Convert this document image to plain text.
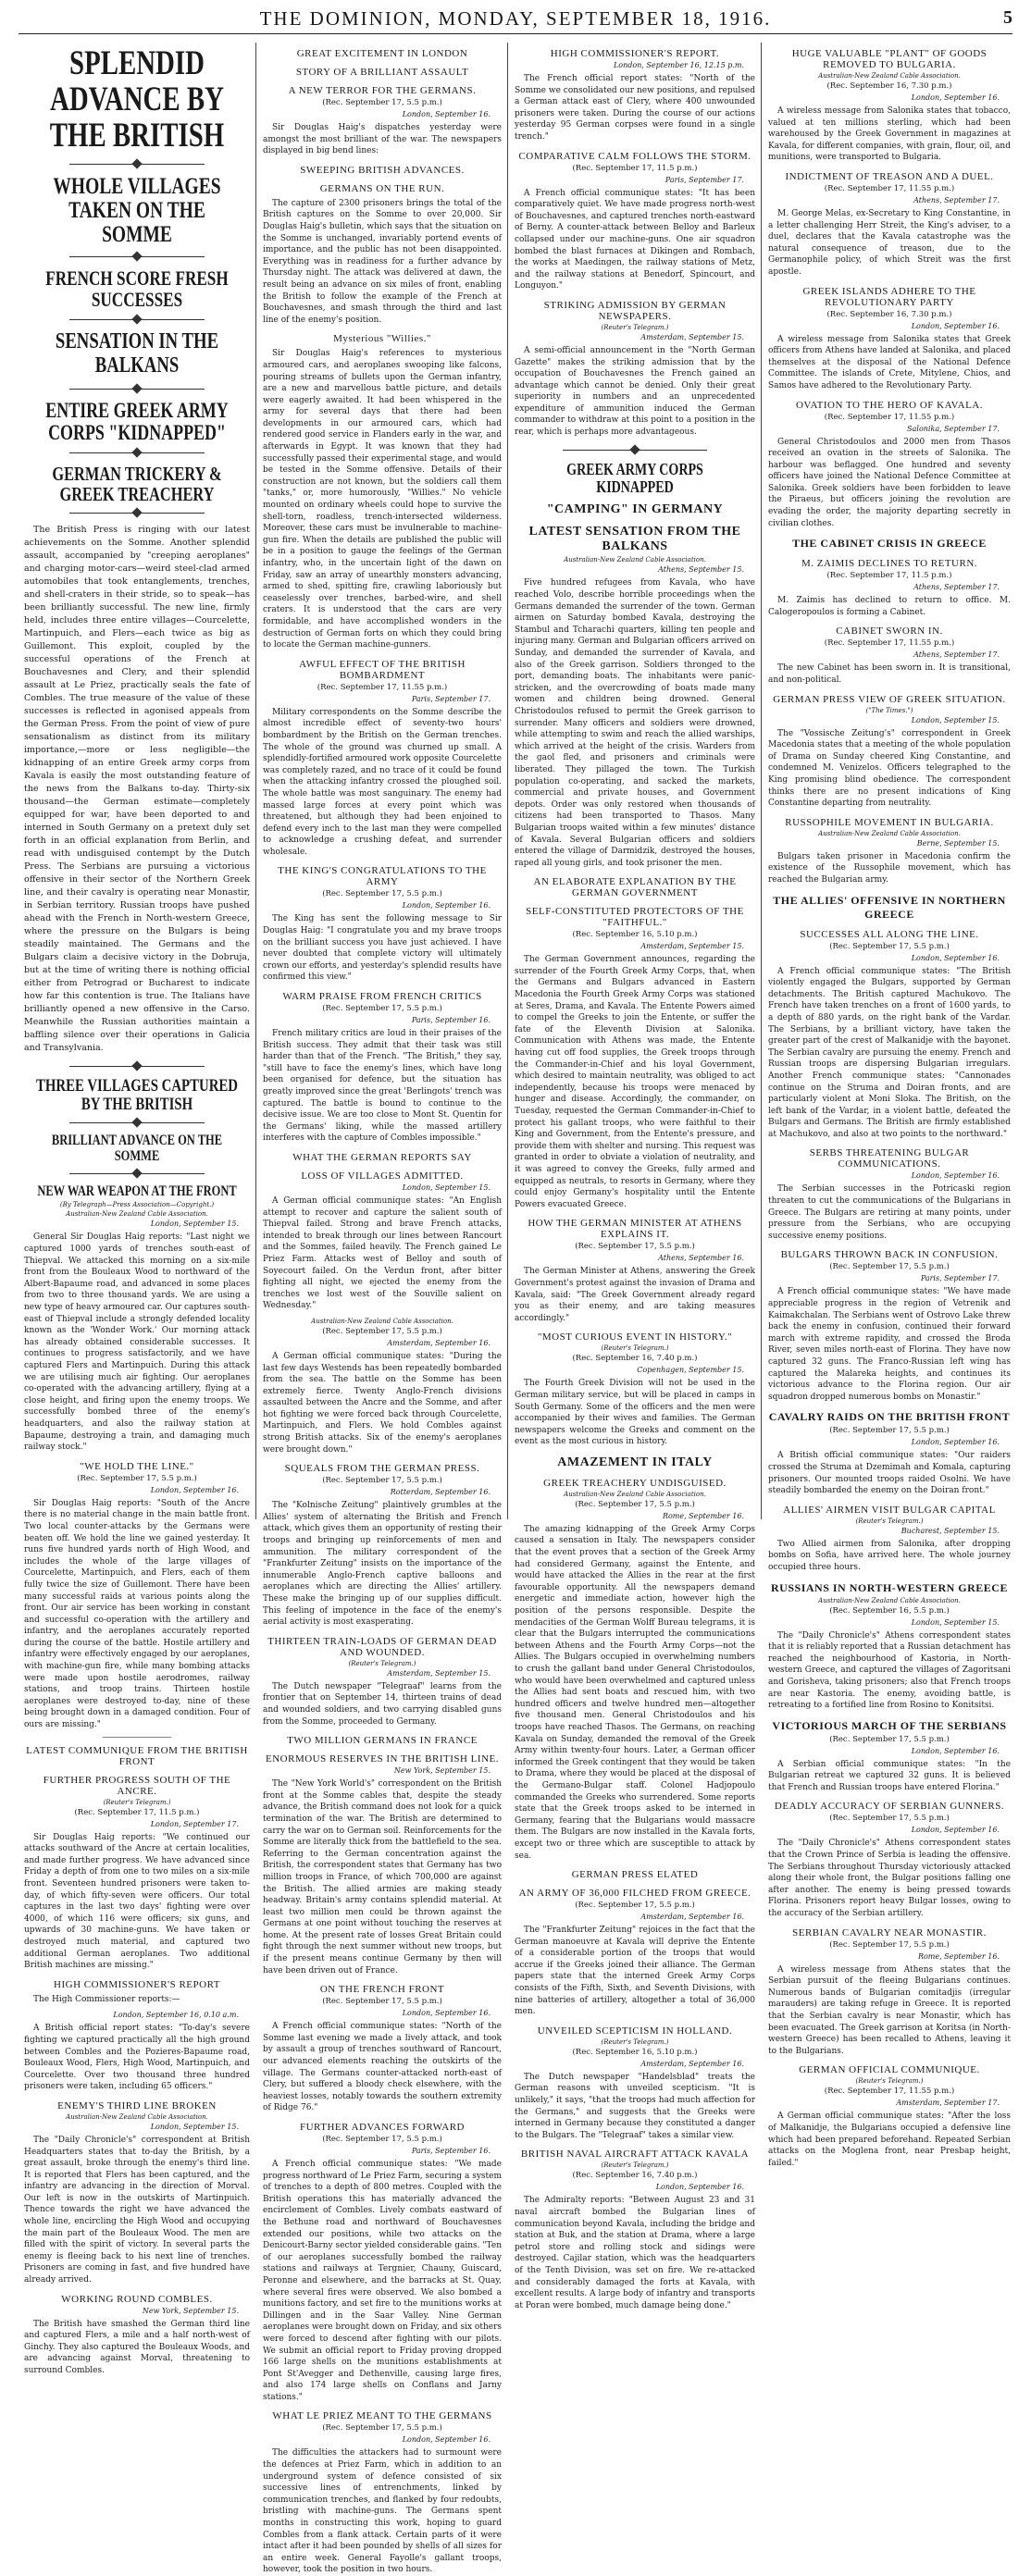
THE DOMINION, MONDAY, SEPTEMBER 18, 1916.	5
SPLENDID ADVANCE BY THE BRITISH
WHOLE VILLAGES TAKEN ON THE SOMME
FRENCH SCORE FRESH SUCCESSES
SENSATION IN THE BALKANS
ENTIRE GREEK ARMY CORPS "KIDNAPPED"
GERMAN TRICKERY & GREEK TREACHERY
The British Press is ringing with our latest achievements on the Somme. Another splendid assault, accompanied by "creeping aeroplanes" and charging motor-cars—weird steel-clad armed automobiles that took entanglements, trenches, and shell-craters in their stride, so to speak—has been brilliantly successful. The new line, firmly held, includes three entire villages—Courcelette, Martinpuich, and Flers—each twice as big as Guillemont. This exploit, coupled by the successful operations of the French at Bouchavesnes and Clery, and their splendid assault at Le Priez, practically seals the fate of Combles. The true measure of the value of these successes is reflected in agonised appeals from the German Press. From the point of view of pure sensationalism as distinct from its military importance,—more or less negligible—the kidnapping of an entire Greek army corps from Kavala is easily the most outstanding feature of the news from the Balkans to-day. Thirty-six thousand—the German estimate—completely equipped for war, have been deported to and interned in South Germany on a pretext duly set forth in an official explanation from Berlin, and read with undisguised contempt by the Dutch Press. The Serbians are pursuing a victorious offensive in their sector of the Northern Greek line, and their cavalry is operating near Monastir, in Serbian territory. Russian troops have pushed ahead with the French in North-western Greece, where the pressure on the Bulgars is being steadily maintained. The Germans and the Bulgars claim a decisive victory in the Dobruja, but at the time of writing there is nothing official either from Petrograd or Bucharest to indicate how far this contention is true. The Italians have brilliantly opened a new offensive in the Carso. Meanwhile the Russian authorities maintain a baffling silence over their operations in Galicia and Transylvania.
THREE VILLAGES CAPTURED BY THE BRITISH
BRILLIANT ADVANCE ON THE SOMME
NEW WAR WEAPON AT THE FRONT
(By Telegraph—Press Association—Copyright.)
Australian-New Zealand Cable Association.
London, September 15.
General Sir Douglas Haig reports: "Last night we captured 1000 yards of trenches south-east of Thiepval. We attacked this morning on a six-mile front from the Bouleaux Wood to northward of the Albert-Bapaume road, and advanced in some places from two to three thousand yards. We are using a new type of heavy armoured car. Our captures south-east of Thiepval include a strongly defended locality known as the 'Wonder Work.' Our morning attack has already obtained considerable successes. It continues to progress satisfactorily, and we have captured Flers and Martinpuich. During this attack we are utilising much air fighting. Our aeroplanes co-operated with the advancing artillery, flying at a close height, and firing upon the enemy troops. We successfully bombed three of the enemy's headquarters, and also the railway station at Bapaume, destroying a train, and damaging much railway stock."
"WE HOLD THE LINE."
(Rec. September 17, 5.5 p.m.)
London, September 16.
Sir Douglas Haig reports: "South of the Ancre there is no material change in the main battle front. Two local counter-attacks by the Germans were beaten off. We hold the line we gained yesterday. It runs five hundred yards north of High Wood, and includes the whole of the large villages of Courcelette, Martinpuich, and Flers, each of them fully twice the size of Guillemont. There have been many successful raids at various points along the front. Our air service has been working in constant and successful co-operation with the artillery and infantry, and the aeroplanes accurately reported during the course of the battle. Hostile artillery and infantry were effectively engaged by our aeroplanes, with machine-gun fire, while many bombing attacks were made upon hostile aerodromes, railway stations, and troop trains. Thirteen hostile aeroplanes were destroyed to-day, nine of these being brought down in a damaged condition. Four of ours are missing."
LATEST COMMUNIQUE FROM THE BRITISH FRONT
FURTHER PROGRESS SOUTH OF THE ANCRE.
(Reuter's Telegram.)
(Rec. September 17, 11.5 p.m.)
London, September 17.
Sir Douglas Haig reports: "We continued our attacks southward of the Ancre at certain localities, and made further progress. We have advanced since Friday a depth of from one to two miles on a six-mile front. Seventeen hundred prisoners were taken to-day, of which fifty-seven were officers. Our total captures in the last two days' fighting were over 4000, of which 116 were officers; six guns, and upwards of 30 machine-guns. We have taken or destroyed much material, and captured two additional German aeroplanes. Two additional British machines are missing."
HIGH COMMISSIONER'S REPORT
The High Commissioner reports:—
London, September 16, 0.10 a.m.
A British official report states: "To-day's severe fighting we captured practically all the high ground between Combles and the Pozieres-Bapaume road, Bouleaux Wood, Flers, High Wood, Martinpuich, and Courcelette. Over two thousand three hundred prisoners were taken, including 65 officers."
ENEMY'S THIRD LINE BROKEN
Australian-New Zealand Cable Association.
London, September 15.
The "Daily Chronicle's" correspondent at British Headquarters states that to-day the British, by a great assault, broke through the enemy's third line. It is reported that Flers has been captured, and the infantry are advancing in the direction of Morval. Our left is now in the outskirts of Martinpuich. Thence towards the right we have advanced the whole line, encircling the High Wood and occupying the main part of the Bouleaux Wood. The men are filled with the spirit of victory. In several parts the enemy is fleeing back to his next line of trenches. Prisoners are coming in fast, and five hundred have already arrived.
WORKING ROUND COMBLES.
New York, September 15.
The British have smashed the German third line and captured Flers, a mile and a half north-west of Ginchy. They also captured the Bouleaux Woods, and are advancing against Morval, threatening to surround Combles.
GREAT EXCITEMENT IN LONDON
STORY OF A BRILLIANT ASSAULT
A NEW TERROR FOR THE GERMANS.
(Rec. September 17, 5.5 p.m.)
London, September 16.
Sir Douglas Haig's dispatches yesterday were amongst the most brilliant of the war. The newspapers displayed in big bend lines:
SWEEPING BRITISH ADVANCES.
GERMANS ON THE RUN.
The capture of 2300 prisoners brings the total of the British captures on the Somme to over 20,000. Sir Douglas Haig's bulletin, which says that the situation on the Somme is unchanged, invariably portend events of importance, and the public has not been disappointed. Everything was in readiness for a further advance by Thursday night. The attack was delivered at dawn, the result being an advance on six miles of front, enabling the British to follow the example of the French at Bouchavesnes, and smash through the third and last line of the enemy's position.
Mysterious "Willies."
Sir Douglas Haig's references to mysterious armoured cars, and aeroplanes swooping like falcons, pouring streams of bullets upon the German infantry, are a new and marvellous battle picture, and details were eagerly awaited. It had been whispered in the army for several days that there had been developments in our armoured cars, which had rendered good service in Flanders early in the war, and afterwards in Egypt. It was known that they had successfully passed their experimental stage, and would be tested in the Somme offensive. Details of their construction are not known, but the soldiers call them "tanks," or, more humorously, "Willies." No vehicle mounted on ordinary wheels could hope to survive the shell-torn, roadless, trench-intersected wilderness. Moreover, these cars must be invulnerable to machine-gun fire. When the details are published the public will be in a position to gauge the feelings of the German infantry, who, in the uncertain light of the dawn on Friday, saw an array of unearthly monsters advancing, armed to shed, spitting fire, crawling laboriously but ceaselessly over trenches, barbed-wire, and shell craters. It is understood that the cars are very formidable, and have accomplished wonders in the destruction of German forts on which they could bring to locate the German machine-gunners.
AWFUL EFFECT OF THE BRITISH BOMBARDMENT
(Rec. September 17, 11.55 p.m.)
Paris, September 17.
Military correspondents on the Somme describe the almost incredible effect of seventy-two hours' bombardment by the British on the German trenches. The whole of the ground was churned up small. A splendidly-fortified armoured work opposite Courcelette was completely razed, and no trace of it could be found when the attacking infantry crossed the ploughed soil. The whole battle was most sanguinary. The enemy had massed large forces at every point which was threatened, but although they had been enjoined to defend every inch to the last man they were compelled to acknowledge a crushing defeat, and surrender wholesale.
THE KING'S CONGRATULATIONS TO THE ARMY
(Rec. September 17, 5.5 p.m.)
London, September 16.
The King has sent the following message to Sir Douglas Haig: "I congratulate you and my brave troops on the brilliant success you have just achieved. I have never doubted that complete victory will ultimately crown our efforts, and yesterday's splendid results have confirmed this view."
WARM PRAISE FROM FRENCH CRITICS
(Rec. September 17, 5.5 p.m.)
Paris, September 16.
French military critics are loud in their praises of the British success. They admit that their task was still harder than that of the French. "The British," they say, "still have to face the enemy's lines, which have long been organised for defence, but the situation has greatly improved since the great 'Berlingots' trench was captured. The battle is bound to continue to the decisive issue. We are too close to Mont St. Quentin for the Germans' liking, while the massed artillery interferes with the capture of Combles impossible."
WHAT THE GERMAN REPORTS SAY
LOSS OF VILLAGES ADMITTED.
London, September 15.
A German official communique states: "An English attempt to recover and capture the salient south of Thiepval failed. Strong and brave French attacks, intended to break through our lines between Rancourt and the Sommes, failed heavily. The French gained Le Priez Farm. Attacks west of Belloy and south of Soyecourt failed. On the Verdun front, after bitter fighting all night, we ejected the enemy from the trenches we lost west of the Souville salient on Wednesday."
Australian-New Zealand Cable Association.
(Rec. September 17, 5.5 p.m.)
Amsterdam, September 16.
A German official communique states: "During the last few days Westends has been repeatedly bombarded from the sea. The battle on the Somme has been extremely fierce. Twenty Anglo-French divisions assaulted between the Ancre and the Somme, and after hot fighting we were forced back through Courcelette, Martinpuich, and Flers. We hold Combles against strong British attacks. Six of the enemy's aeroplanes were brought down."
SQUEALS FROM THE GERMAN PRESS.
(Rec. September 17, 5.5 p.m.)
Rotterdam, September 16.
The "Kolnische Zeitung" plaintively grumbles at the Allies' system of alternating the British and French attack, which gives them an opportunity of resting their troops and bringing up reinforcements of men and ammunition. The military correspondent of the "Frankfurter Zeitung" insists on the importance of the innumerable Anglo-French captive balloons and aeroplanes which are directing the Allies' artillery. These make the bringing up of our supplies difficult. This feeling of impotence in the face of the enemy's aerial activity is most exasperating.
THIRTEEN TRAIN-LOADS OF GERMAN DEAD AND WOUNDED.
(Reuter's Telegram.)
Amsterdam, September 15.
The Dutch newspaper "Telegraaf" learns from the frontier that on September 14, thirteen trains of dead and wounded soldiers, and two carrying disabled guns from the Somme, proceeded to Germany.
TWO MILLION GERMANS IN FRANCE
ENORMOUS RESERVES IN THE BRITISH LINE.
New York, September 15.
The "New York World's" correspondent on the British front at the Somme cables that, despite the steady advance, the British command does not look for a quick termination of the war. The British are determined to carry the war on to German soil. Reinforcements for the Somme are literally thick from the battlefield to the sea. Referring to the German concentration against the British, the correspondent states that Germany has two million troops in France, of which 700,000 are against the British. The allied armies are making steady headway. Britain's army contains splendid material. At least two million men could be thrown against the Germans at one point without touching the reserves at home. At the present rate of losses Great Britain could fight through the next summer without new troops, but if the present means continue Germany by then will have been driven out of France.
ON THE FRENCH FRONT
(Rec. September 17, 5.5 p.m.)
London, September 16.
A French official communique states: "North of the Somme last evening we made a lively attack, and took by assault a group of trenches southward of Rancourt, our advanced elements reaching the outskirts of the village. The Germans counter-attacked north-east of Clery, but suffered a bloody check elsewhere, with the heaviest losses, notably towards the southern extremity of Ridge 76."
FURTHER ADVANCES FORWARD
(Rec. September 17, 5.5 p.m.)
Paris, September 16.
A French official communique states: "We made progress northward of Le Priez Farm, securing a system of trenches to a depth of 800 metres. Coupled with the British operations this has materially advanced the encirclement of Combles. Lively combats eastward of the Bethune road and northward of Bouchavesnes extended our positions, while two attacks on the Denicourt-Barny sector yielded considerable gains. "Ten of our aeroplanes successfully bombed the railway stations and railways at Tergnier, Chauny, Guiscard, Peronne and elsewhere, and the barracks at St. Quay, where several fires were observed. We also bombed a munitions factory, and set fire to the munitions works at Dillingen and in the Saar Valley. Nine German aeroplanes were brought down on Friday, and six others were forced to descend after fighting with our pilots. We submit an official report to Friday proving dropped 166 large shells on the munitions establishments at Pont St'Avegger and Dethenville, causing large fires, and also 174 large shells on Conflans and Jarny stations."
WHAT LE PRIEZ MEANT TO THE GERMANS
(Rec. September 17, 5.5 p.m.)
London, September 16.
The difficulties the attackers had to surmount were the defences at Priez Farm, which in addition to an underground system of defence consisted of six successive lines of entrenchments, linked by communication trenches, and flanked by four redoubts, bristling with machine-guns. The Germans spent months in constructing this work, hoping to guard Combles from a flank attack. Certain parts of it were intact after it had been pounded by shells of all sizes for an entire week. General Fayolle's gallant troops, however, took the position in two hours.
HIGH COMMISSIONER'S REPORT.
London, September 16, 12.15 p.m.
The French official report states: "North of the Somme we consolidated our new positions, and repulsed a German attack east of Clery, where 400 unwounded prisoners were taken. During the course of our actions yesterday 95 German corpses were found in a single trench."
COMPARATIVE CALM FOLLOWS THE STORM.
(Rec. September 17, 11.5 p.m.)
Paris, September 17.
A French official communique states: "It has been comparatively quiet. We have made progress north-west of Bouchavesnes, and captured trenches north-eastward of Berny. A counter-attack between Belloy and Barleux collapsed under our machine-guns. One air squadron bombed the blast furnaces at Dikingen and Rombach, the works at Maedingen, the railway stations of Metz, and the railway stations at Benedorf, Spincourt, and Longuyon."
STRIKING ADMISSION BY GERMAN NEWSPAPERS.
(Reuter's Telegram.)
Amsterdam, September 15.
A semi-official announcement in the "North German Gazette" makes the striking admission that by the occupation of Bouchavesnes the French gained an advantage which cannot be denied. Only their great superiority in numbers and an unprecedented expenditure of ammunition induced the German commander to withdraw at this point to a position in the rear, which is perhaps more advantageous.
GREEK ARMY CORPS KIDNAPPED
"CAMPING" IN GERMANY
LATEST SENSATION FROM THE BALKANS
Australian-New Zealand Cable Association.
Athens, September 15.
Five hundred refugees from Kavala, who have reached Volo, describe horrible proceedings when the Germans demanded the surrender of the town. German airmen on Saturday bombed Kavala, destroying the Stambul and Tcharachi quarters, killing ten people and injuring many. German and Bulgarian officers arrived on Sunday, and demanded the surrender of Kavala, and also of the Greek garrison. Soldiers thronged to the port, demanding boats. The inhabitants were panic-stricken, and the overcrowding of boats made many women and children being drowned. General Christodoulos refused to permit the Greek garrison to surrender. Many officers and soldiers were drowned, while attempting to swim and reach the allied warships, which arrived at the height of the crisis. Warders from the gaol fled, and prisoners and criminals were liberated. They pillaged the town. The Turkish population co-operating, and sacked the markets, commercial and private houses, and Government depots. Order was only restored when thousands of citizens had been transported to Thasos. Many Bulgarian troops waited within a few minutes' distance of Kavala. Several Bulgarian officers and soldiers entered the village of Darmidzik, destroyed the houses, raped all young girls, and took prisoner the men.
AN ELABORATE EXPLANATION BY THE GERMAN GOVERNMENT
SELF-CONSTITUTED PROTECTORS OF THE "FAITHFUL."
(Rec. September 16, 5.10 p.m.)
Amsterdam, September 15.
The German Government announces, regarding the surrender of the Fourth Greek Army Corps, that, when the Germans and Bulgars advanced in Eastern Macedonia the Fourth Greek Army Corps was stationed at Seres, Drama, and Kavala. The Entente Powers aimed to compel the Greeks to join the Entente, or suffer the fate of the Eleventh Division at Salonika. Communication with Athens was made, the Entente having cut off food supplies, the Greek troops through the Commander-in-Chief and his loyal Government, which desired to maintain neutrality, was obliged to act independently, because his troops were menaced by hunger and disease. Accordingly, the commander, on Tuesday, requested the German Commander-in-Chief to protect his gallant troops, who were faithful to their King and Government, from the Entente's pressure, and provide them with shelter and nursing. This request was granted in order to obviate a violation of neutrality, and it was agreed to convey the Greeks, fully armed and equipped as neutrals, to resorts in Germany, where they could enjoy Germany's hospitality until the Entente Powers evacuated Greece.
HOW THE GERMAN MINISTER AT ATHENS EXPLAINS IT.
(Rec. September 17, 5.5 p.m.)
Athens, September 16.
The German Minister at Athens, answering the Greek Government's protest against the invasion of Drama and Kavala, said: "The Greek Government already regard you as their enemy, and are taking measures accordingly."
"MOST CURIOUS EVENT IN HISTORY."
(Reuter's Telegram.)
(Rec. September 16, 7.40 p.m.)
Copenhagen, September 15.
The Fourth Greek Division will not be used in the German military service, but will be placed in camps in South Germany. Some of the officers and the men were accompanied by their wives and families. The German newspapers welcome the Greeks and comment on the event as the most curious in history.
AMAZEMENT IN ITALY
GREEK TREACHERY UNDISGUISED.
Australian-New Zealand Cable Association.
(Rec. September 17, 5.5 p.m.)
Rome, September 16.
The amazing kidnapping of the Greek Army Corps caused a sensation in Italy. The newspapers consider that the event proves that a section of the Greek Army had considered Germany, against the Entente, and would have attacked the Allies in the rear at the first favourable opportunity. All the newspapers demand energetic and immediate action, however high the position of the persons responsible. Despite the mendacities of the German Wolff Bureau telegrams, it is clear that the Bulgars interrupted the communications between Athens and the Fourth Army Corps—not the Allies. The Bulgars occupied in overwhelming numbers to crush the gallant band under General Christodoulos, who would have been overwhelmed and captured unless the Allies had sent boats and rescued him, with two hundred officers and twelve hundred men—altogether five thousand men. General Christodoulos and his troops have reached Thasos. The Germans, on reaching Kavala on Sunday, demanded the removal of the Greek Army within twenty-four hours. Later, a German officer informed the Greek contingent that they would be taken to Drama, where they would be placed at the disposal of the Germano-Bulgar staff. Colonel Hadjopoulo commanded the Greeks who surrendered. Some reports state that the Greek troops asked to be interned in Germany, fearing that the Bulgarians would massacre them. The Bulgars are now installed in the Kavala forts, except two or three which are susceptible to attack by sea.
GERMAN PRESS ELATED
AN ARMY OF 36,000 FILCHED FROM GREECE.
(Rec. September 17, 5.5 p.m.)
Amsterdam, September 16.
The "Frankfurter Zeitung" rejoices in the fact that the German manoeuvre at Kavala will deprive the Entente of a considerable portion of the troops that would accrue if the Greeks joined their alliance. The German papers state that the interned Greek Army Corps consists of the Fifth, Sixth, and Seventh Divisions, with nine batteries of artillery, altogether a total of 36,000 men.
UNVEILED SCEPTICISM IN HOLLAND.
(Reuter's Telegram.)
(Rec. September 16, 5.10 p.m.)
Amsterdam, September 16.
The Dutch newspaper "Handelsblad" treats the German reasons with unveiled scepticism. "It is unlikely," it says, "that the troops had much affection for the Germans," and suggests that the Greeks were interned in Germany because they constituted a danger to the Bulgars. The "Telegraaf" takes a similar view.
BRITISH NAVAL AIRCRAFT ATTACK KAVALA
(Reuter's Telegram.)
(Rec. September 16, 7.40 p.m.)
London, September 16.
The Admiralty reports: "Between August 23 and 31 naval aircraft bombed the Bulgarian lines of communication beyond Kavala, including the bridge and station at Buk, and the station at Drama, where a large petrol store and rolling stock and sidings were destroyed. Cajilar station, which was the headquarters of the Tenth Division, was set on fire. We re-attacked and considerably damaged the forts at Kavala, with excellent results. A large body of infantry and transports at Poran were bombed, much damage being done."
HUGE VALUABLE "PLANT" OF GOODS REMOVED TO BULGARIA.
Australian-New Zealand Cable Association.
(Rec. September 16, 7.30 p.m.)
London, September 16.
A wireless message from Salonika states that tobacco, valued at ten millions sterling, which had been warehoused by the Greek Government in magazines at Kavala, for different companies, with grain, flour, oil, and munitions, were transported to Bulgaria.
INDICTMENT OF TREASON AND A DUEL.
(Rec. September 17, 11.55 p.m.)
Athens, September 17.
M. George Melas, ex-Secretary to King Constantine, in a letter challenging Herr Streit, the King's adviser, to a duel, declares that the Kavala catastrophe was the natural consequence of treason, due to the Germanophile policy, of which Streit was the first apostle.
GREEK ISLANDS ADHERE TO THE REVOLUTIONARY PARTY
(Rec. September 16, 7.30 p.m.)
London, September 16.
A wireless message from Salonika states that Greek officers from Athens have landed at Salonika, and placed themselves at the disposal of the National Defence Committee. The islands of Crete, Mitylene, Chios, and Samos have adhered to the Revolutionary Party.
OVATION TO THE HERO OF KAVALA.
(Rec. September 17, 11.55 p.m.)
Salonika, September 17.
General Christodoulos and 2000 men from Thasos received an ovation in the streets of Salonika. The harbour was beflagged. One hundred and seventy officers have joined the National Defence Committee at Salonika. Greek soldiers have been forbidden to leave the Piraeus, but officers joining the revolution are evading the order, the majority departing secretly in civilian clothes.
THE CABINET CRISIS IN GREECE
M. ZAIMIS DECLINES TO RETURN.
(Rec. September 17, 11.5 p.m.)
Athens, September 17.
M. Zaimis has declined to return to office. M. Calogeropoulos is forming a Cabinet.
CABINET SWORN IN.
(Rec. September 17, 11.55 p.m.)
Athens, September 17.
The new Cabinet has been sworn in. It is transitional, and non-political.
GERMAN PRESS VIEW OF GREEK SITUATION.
("The Times.")
London, September 15.
The "Vossische Zeitung's" correspondent in Greek Macedonia states that a meeting of the whole population of Drama on Sunday cheered King Constantine, and condemned M. Venizelos. Officers telegraphed to the King promising blind obedience. The correspondent thinks there are no present indications of King Constantine departing from neutrality.
RUSSOPHILE MOVEMENT IN BULGARIA.
Australian-New Zealand Cable Association.
Berne, September 15.
Bulgars taken prisoner in Macedonia confirm the existence of the Russophile movement, which has reached the Bulgarian army.
THE ALLIES' OFFENSIVE IN NORTHERN GREECE
SUCCESSES ALL ALONG THE LINE.
(Rec. September 17, 5.5 p.m.)
London, September 16.
A French official communique states: "The British violently engaged the Bulgars, supported by German detachments. The British captured Machukovo. The French have taken trenches on a front of 1600 yards, to a depth of 880 yards, on the right bank of the Vardar. The Serbians, by a brilliant victory, have taken the greater part of the crest of Malkanidje with the bayonet. The Serbian cavalry are pursuing the enemy. French and Russian troops are dispersing Bulgarian irregulars. Another French communique states: "Cannonades continue on the Struma and Doiran fronts, and are particularly violent at Moni Sloka. The British, on the left bank of the Vardar, in a violent battle, defeated the Bulgars and Germans. The British are firmly established at Machukovo, and also at two points to the northward."
SERBS THREATENING BULGAR COMMUNICATIONS.
London, September 16.
The Serbian successes in the Potricaski region threaten to cut the communications of the Bulgarians in Greece. The Bulgars are retiring at many points, under pressure from the Serbians, who are occupying successive enemy positions.
BULGARS THROWN BACK IN CONFUSION.
(Rec. September 17, 5.5 p.m.)
Paris, September 17.
A French official communique states: "We have made appreciable progress in the region of Vetrenik and Kaimakchalan. The Serbians went of Ostrovo Lake threw back the enemy in confusion, continued their forward march with extreme rapidity, and crossed the Broda River, seven miles north-east of Florina. They have now captured 32 guns. The Franco-Russian left wing has captured the Malareka heights, and continues its victorious advance to the Florina region. Our air squadron dropped numerous bombs on Monastir."
CAVALRY RAIDS ON THE BRITISH FRONT
(Rec. September 17, 5.5 p.m.)
London, September 16.
A British official communique states: "Our raiders crossed the Struma at Dzemimah and Komala, capturing prisoners. Our mounted troops raided Osolni. We have steadily bombarded the enemy on the Doiran front."
ALLIES' AIRMEN VISIT BULGAR CAPITAL
(Reuter's Telegram.)
Bucharest, September 15.
Two Allied airmen from Salonika, after dropping bombs on Sofia, have arrived here. The whole journey occupied three hours.
RUSSIANS IN NORTH-WESTERN GREECE
Australian-New Zealand Cable Association.
(Rec. September 16, 5.5 p.m.)
London, September 15.
The "Daily Chronicle's" Athens correspondent states that it is reliably reported that a Russian detachment has reached the neighbourhood of Kastoria, in North-western Greece, and captured the villages of Zagoritsani and Gorisheva, taking prisoners; also that French troops are near Kastoria. The enemy, avoiding battle, is retreating to a fortified line from Rosino to Konitsitsi.
VICTORIOUS MARCH OF THE SERBIANS
(Rec. September 17, 5.5 p.m.)
London, September 16.
A Serbian official communique states: "In the Bulgarian retreat we captured 32 guns. It is believed that French and Russian troops have entered Florina."
DEADLY ACCURACY OF SERBIAN GUNNERS.
(Rec. September 17, 5.5 p.m.)
London, September 16.
The "Daily Chronicle's" Athens correspondent states that the Crown Prince of Serbia is leading the offensive. The Serbians throughout Thursday victoriously attacked along their whole front, the Bulgar positions falling one after another. The enemy is being pressed towards Florina. Prisoners report heavy Bulgar losses, owing to the accuracy of the Serbian artillery.
SERBIAN CAVALRY NEAR MONASTIR.
(Rec. September 17, 5.5 p.m.)
Rome, September 16.
A wireless message from Athens states that the Serbian pursuit of the fleeing Bulgarians continues. Numerous bands of Bulgarian comitadjis (irregular marauders) are taking refuge in Greece. It is reported that the Serbian cavalry is near Monastir, which has been evacuated. The Greek garrison at Koritsa (in North-western Greece) has been recalled to Athens, leaving it to the Bulgarians.
GERMAN OFFICIAL COMMUNIQUE.
(Reuter's Telegram.)
(Rec. September 17, 11.55 p.m.)
Amsterdam, September 17.
A German official communique states: "After the loss of Malkanidje, the Bulgarians occupied a defensive line which had been prepared beforehand. Repeated Serbian attacks on the Moglena front, near Presbap height, failed."
